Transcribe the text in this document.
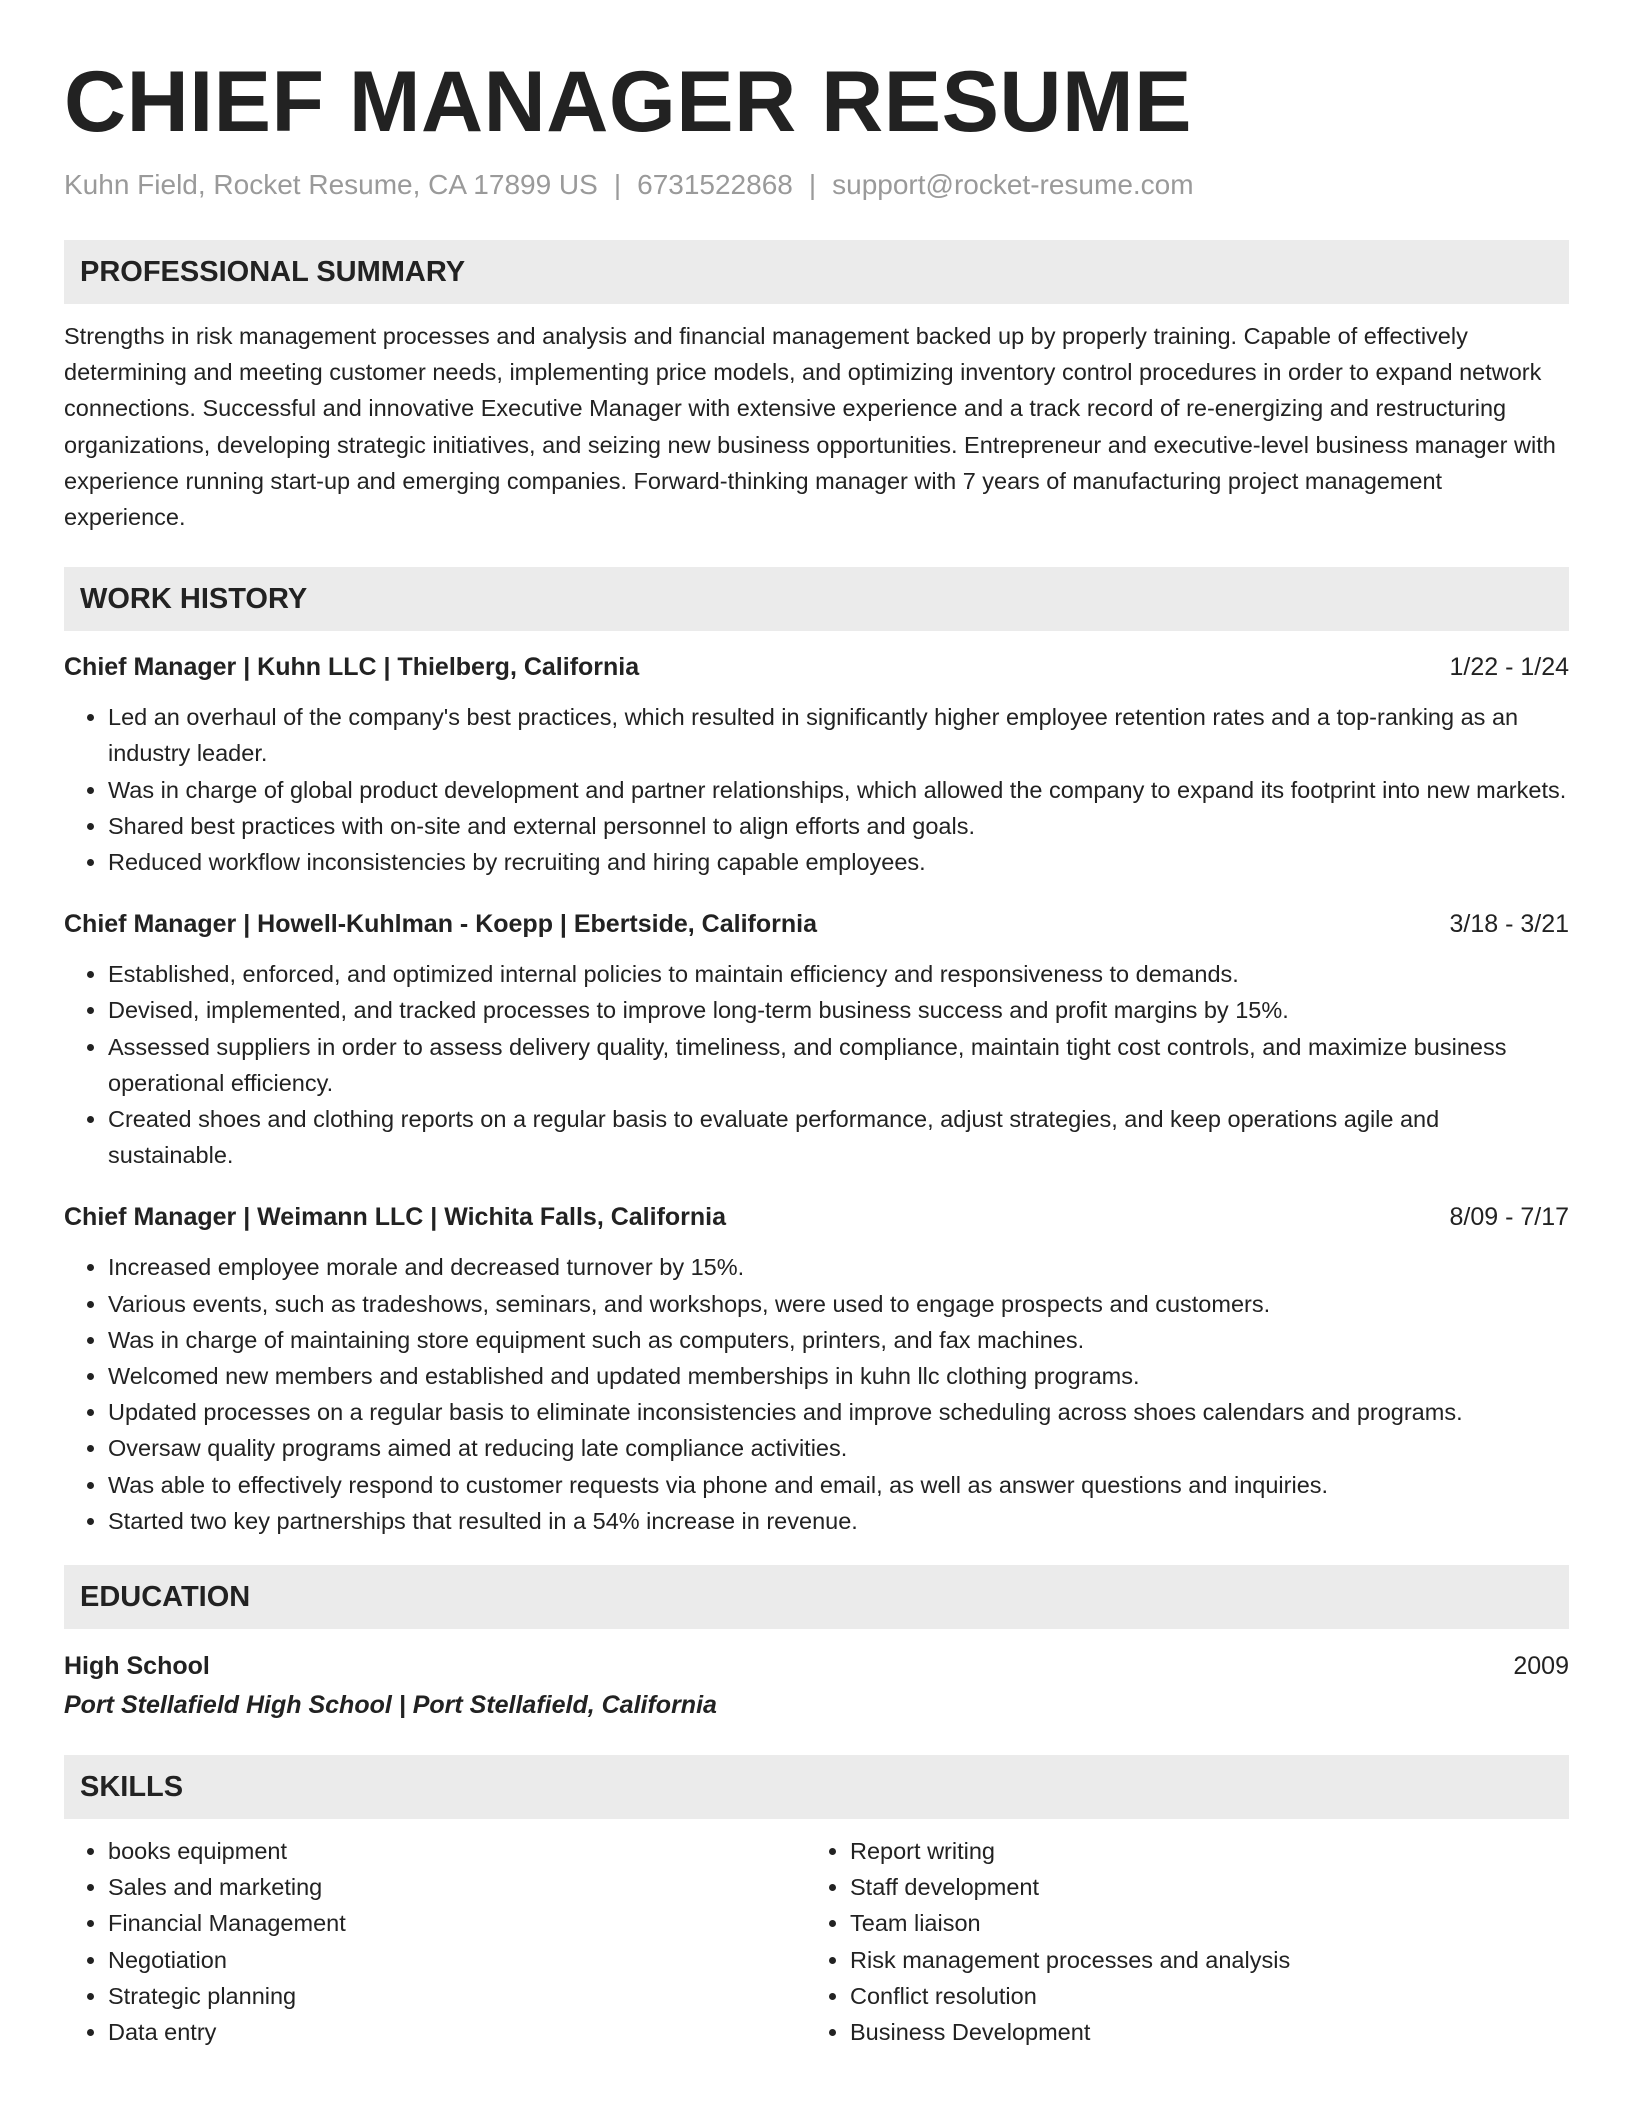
CHIEF MANAGER RESUME
Kuhn Field, Rocket Resume, CA 17899 US | 6731522868 | support@rocket-resume.com
PROFESSIONAL SUMMARY
Strengths in risk management processes and analysis and financial management backed up by properly training. Capable of effectively determining and meeting customer needs, implementing price models, and optimizing inventory control procedures in order to expand network connections. Successful and innovative Executive Manager with extensive experience and a track record of re-energizing and restructuring organizations, developing strategic initiatives, and seizing new business opportunities. Entrepreneur and executive-level business manager with experience running start-up and emerging companies. Forward-thinking manager with 7 years of manufacturing project management experience.
WORK HISTORY
Chief Manager | Kuhn LLC | Thielberg, California	1/22 - 1/24
• Led an overhaul of the company's best practices, which resulted in significantly higher employee retention rates and a top-ranking as an industry leader.
• Was in charge of global product development and partner relationships, which allowed the company to expand its footprint into new markets.
• Shared best practices with on-site and external personnel to align efforts and goals.
• Reduced workflow inconsistencies by recruiting and hiring capable employees.
Chief Manager | Howell-Kuhlman - Koepp | Ebertside, California	3/18 - 3/21
• Established, enforced, and optimized internal policies to maintain efficiency and responsiveness to demands.
• Devised, implemented, and tracked processes to improve long-term business success and profit margins by 15%.
• Assessed suppliers in order to assess delivery quality, timeliness, and compliance, maintain tight cost controls, and maximize business operational efficiency.
• Created shoes and clothing reports on a regular basis to evaluate performance, adjust strategies, and keep operations agile and sustainable.
Chief Manager | Weimann LLC | Wichita Falls, California	8/09 - 7/17
• Increased employee morale and decreased turnover by 15%.
• Various events, such as tradeshows, seminars, and workshops, were used to engage prospects and customers.
• Was in charge of maintaining store equipment such as computers, printers, and fax machines.
• Welcomed new members and established and updated memberships in kuhn llc clothing programs.
• Updated processes on a regular basis to eliminate inconsistencies and improve scheduling across shoes calendars and programs.
• Oversaw quality programs aimed at reducing late compliance activities.
• Was able to effectively respond to customer requests via phone and email, as well as answer questions and inquiries.
• Started two key partnerships that resulted in a 54% increase in revenue.
EDUCATION
High School	2009
Port Stellafield High School | Port Stellafield, California
SKILLS
• books equipment
• Sales and marketing
• Financial Management
• Negotiation
• Strategic planning
• Data entry
• Report writing
• Staff development
• Team liaison
• Risk management processes and analysis
• Conflict resolution
• Business Development
